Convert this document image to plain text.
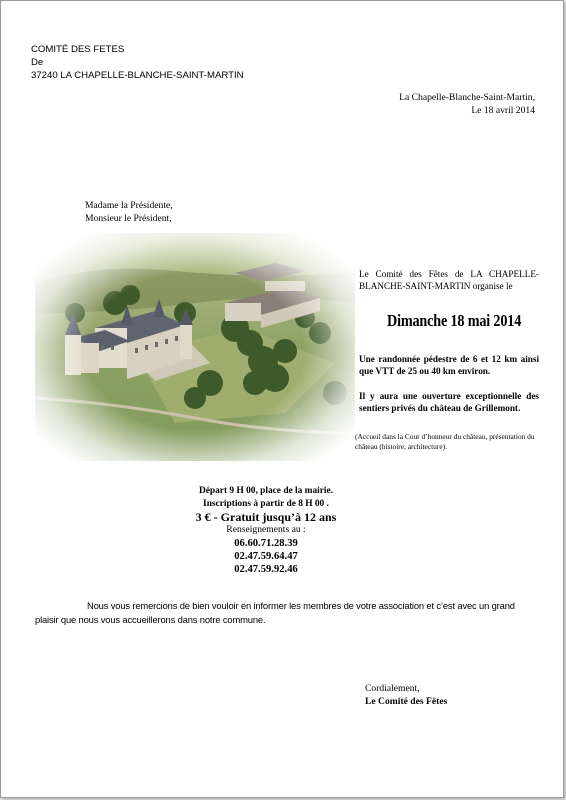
COMITÉ DES FETES
De
37240 LA CHAPELLE-BLANCHE-SAINT-MARTIN
La Chapelle-Blanche-Saint-Martin,
Le 18 avril 2014
Madame la Présidente,
Monsieur le Président,
Le Comité des Fêtes de LA CHAPELLE-BLANCHE-SAINT-MARTIN organise le
Dimanche 18 mai 2014
Une randonnée pédestre de 6 et 12 km ainsi que VTT de 25 ou 40 km environ.
Il y aura une ouverture exceptionnelle des sentiers privés du château de Grillemont.
(Accueil dans la Cour d’honneur du château, présentation du château (histoire, architecture).
Départ 9 H 00, place de la mairie.
Inscriptions à partir de 8 H 00 .
3 € - Gratuit jusqu’à 12 ans
Renseignements au :
06.60.71.28.39
02.47.59.64.47
02.47.59.92.46
Nous vous remercions de bien vouloir en informer les membres de votre association et c’est avec un grand plaisir que nous vous accueillerons dans notre commune.
Cordialement,
Le Comité des Fêtes
